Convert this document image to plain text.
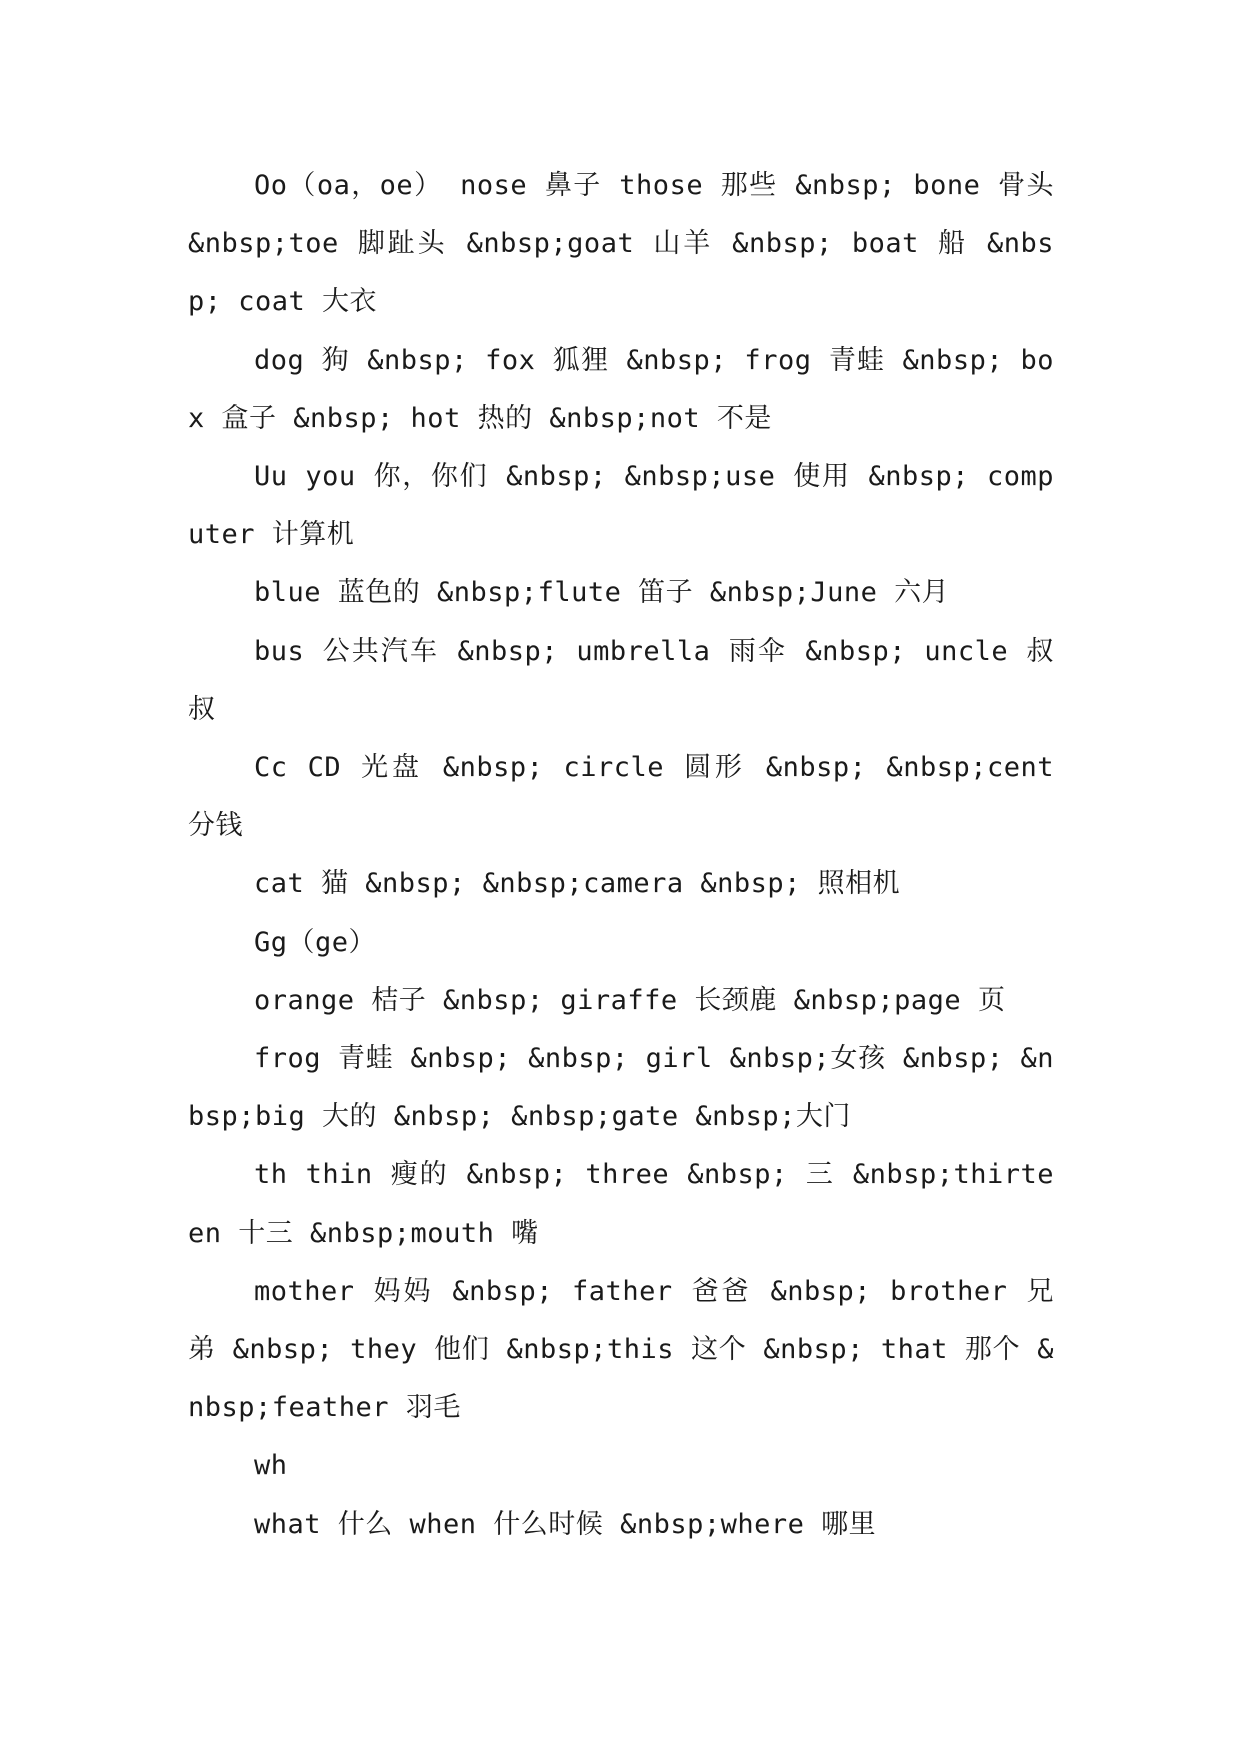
Oo（oa，oe） nose 鼻子 those 那些 &nbsp; bone 骨头 &nbsp;toe 脚趾头 &nbsp;goat 山羊 &nbsp; boat 船 &nbsp; coat 大衣

dog 狗 &nbsp; fox 狐狸 &nbsp; frog 青蛙 &nbsp; box 盒子 &nbsp; hot 热的 &nbsp;not 不是

Uu you 你，你们 &nbsp; &nbsp;use 使用 &nbsp; computer 计算机

blue 蓝色的 &nbsp;flute 笛子 &nbsp;June 六月

bus 公共汽车 &nbsp; umbrella 雨伞 &nbsp; uncle 叔叔

Cc CD 光盘 &nbsp; circle 圆形 &nbsp; &nbsp;cent 分钱

cat 猫 &nbsp; &nbsp;camera &nbsp; 照相机

Gg（ge）

orange 桔子 &nbsp; giraffe 长颈鹿 &nbsp;page 页

frog 青蛙 &nbsp; &nbsp; girl &nbsp;女孩 &nbsp; &nbsp;big 大的 &nbsp; &nbsp;gate &nbsp;大门

th thin 瘦的 &nbsp; three &nbsp; 三 &nbsp;thirteen 十三 &nbsp;mouth 嘴

mother 妈妈 &nbsp; father 爸爸 &nbsp; brother 兄弟 &nbsp; they 他们 &nbsp;this 这个 &nbsp; that 那个 &nbsp;feather 羽毛

wh

what 什么 when 什么时候 &nbsp;where 哪里
